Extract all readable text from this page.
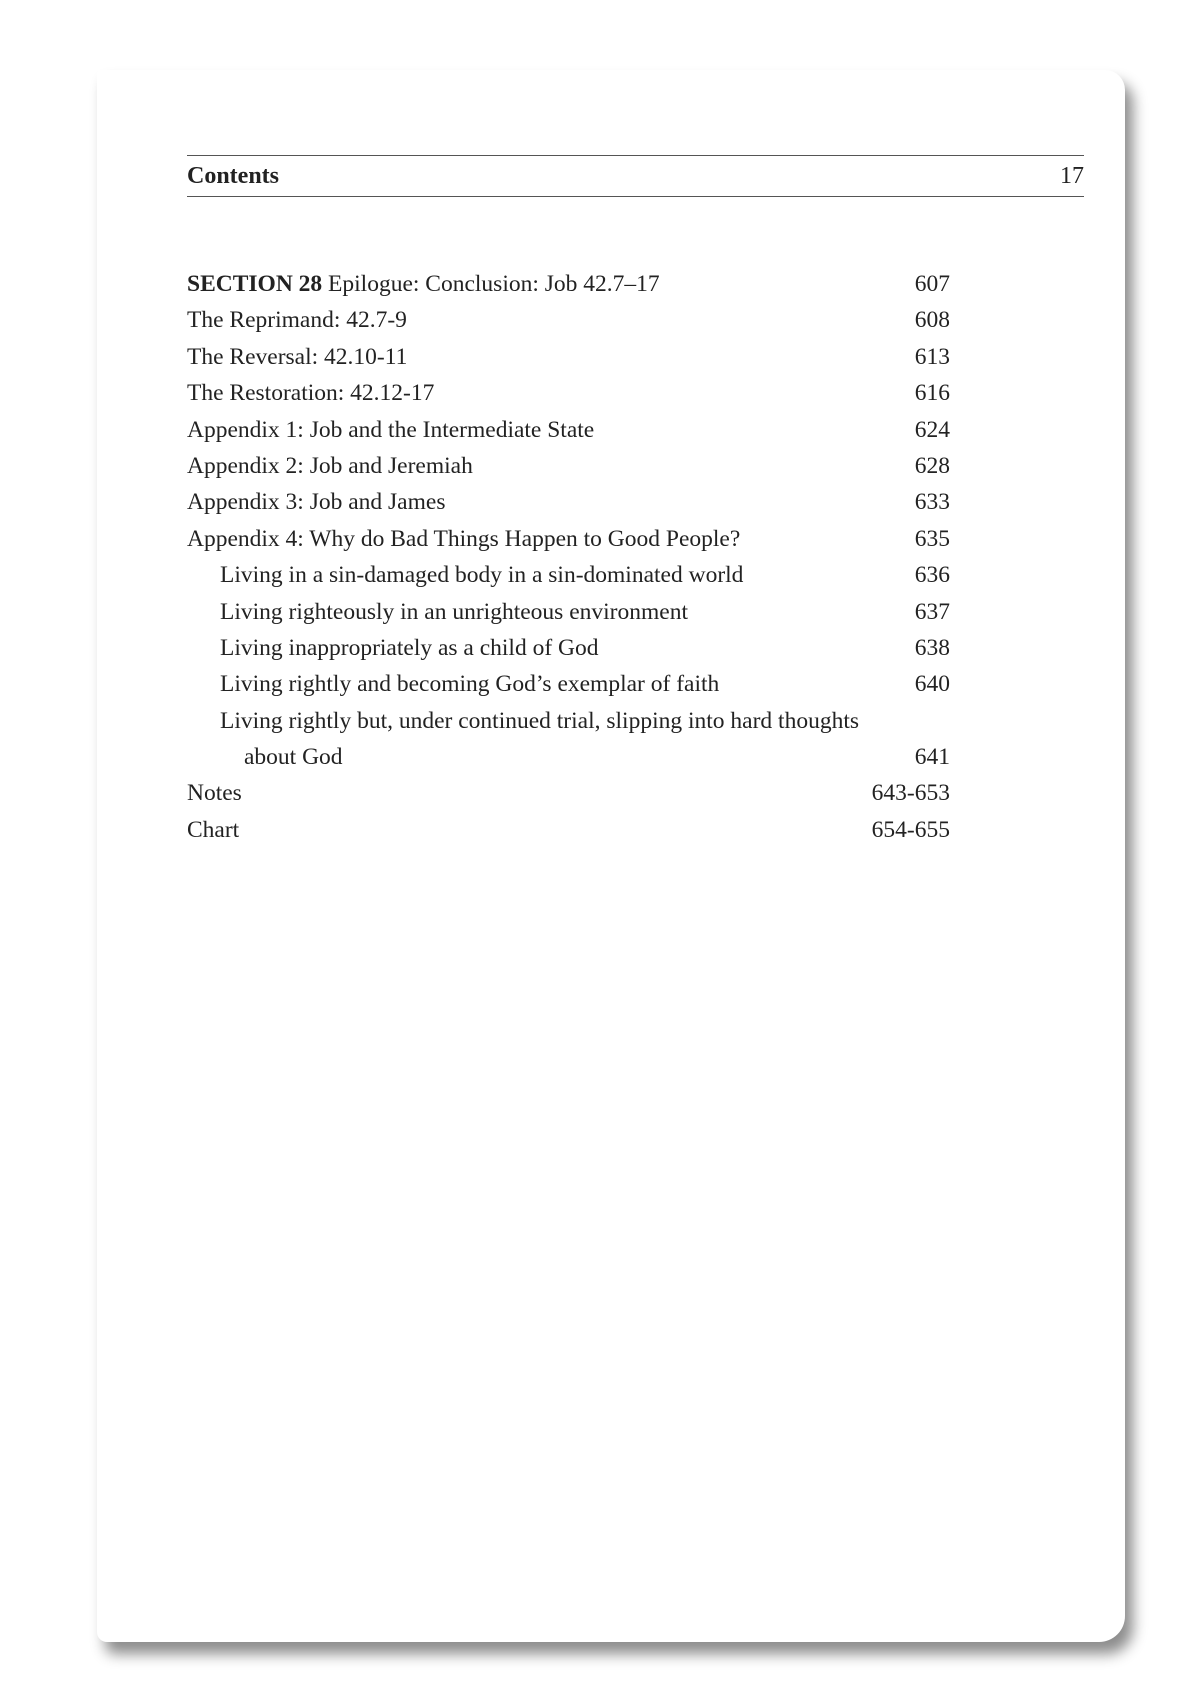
Contents	17
SECTION 28 Epilogue: Conclusion: Job 42.7–17	607
The Reprimand: 42.7-9	608
The Reversal: 42.10-11	613
The Restoration: 42.12-17	616
Appendix 1: Job and the Intermediate State	624
Appendix 2: Job and Jeremiah	628
Appendix 3: Job and James	633
Appendix 4: Why do Bad Things Happen to Good People?	635
Living in a sin-damaged body in a sin-dominated world	636
Living righteously in an unrighteous environment	637
Living inappropriately as a child of God	638
Living rightly and becoming God’s exemplar of faith	640
Living rightly but, under continued trial, slipping into hard thoughts
about God	641
Notes	643-653
Chart	654-655
